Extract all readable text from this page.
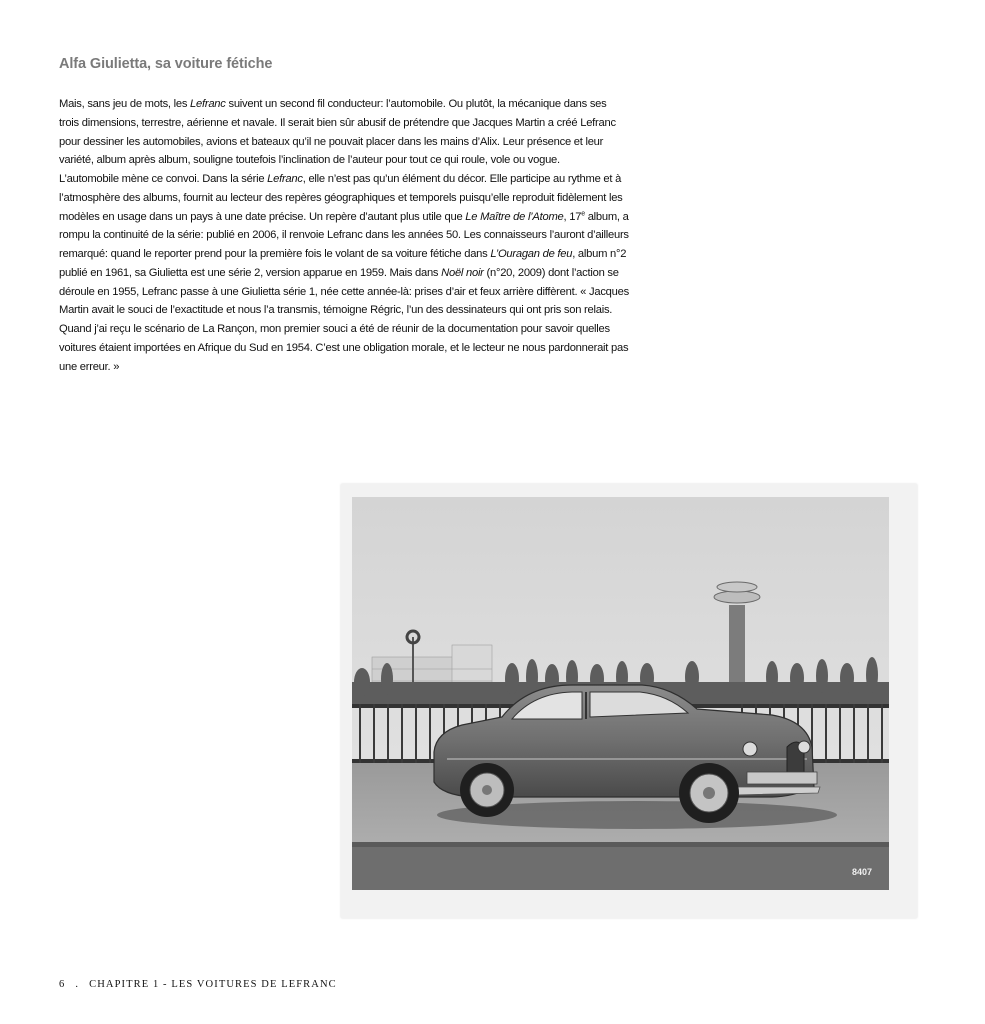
Alfa Giulietta, sa voiture fétiche

Mais, sans jeu de mots, les Lefranc suivent un second fil conducteur: l’automobile. Ou plutôt, la mécanique dans ses trois dimensions, terrestre, aérienne et navale. Il serait bien sûr abusif de prétendre que Jacques Martin a créé Lefranc pour dessiner les automobiles, avions et bateaux qu’il ne pouvait placer dans les mains d’Alix. Leur présence et leur variété, album après album, souligne toutefois l’inclination de l’auteur pour tout ce qui roule, vole ou vogue.

L’automobile mène ce convoi. Dans la série Lefranc, elle n’est pas qu’un élément du décor. Elle participe au rythme et à l’atmosphère des albums, fournit au lecteur des repères géographiques et temporels puisqu’elle reproduit fidèlement les modèles en usage dans un pays à une date précise. Un repère d’autant plus utile que Le Maître de l’Atome, 17e album, a rompu la continuité de la série: publié en 2006, il renvoie Lefranc dans les années 50. Les connaisseurs l’auront d’ailleurs remarqué: quand le reporter prend pour la première fois le volant de sa voiture fétiche dans L’Ouragan de feu, album n°2 publié en 1961, sa Giulietta est une série 2, version apparue en 1959. Mais dans Noël noir (n°20, 2009) dont l’action se déroule en 1955, Lefranc passe à une Giulietta série 1, née cette année-là: prises d’air et feux arrière diffèrent. « Jacques Martin avait le souci de l’exactitude et nous l’a transmis, témoigne Régric, l’un des dessinateurs qui ont pris son relais. Quand j’ai reçu le scénario de La Rançon, mon premier souci a été de réunir de la documentation pour savoir quelles voitures étaient importées en Afrique du Sud en 1954. C’est une obligation morale, et le lecteur ne nous pardonnerait pas une erreur. »

8407
6 . CHAPITRE 1 - LES VOITURES DE LEFRANC
